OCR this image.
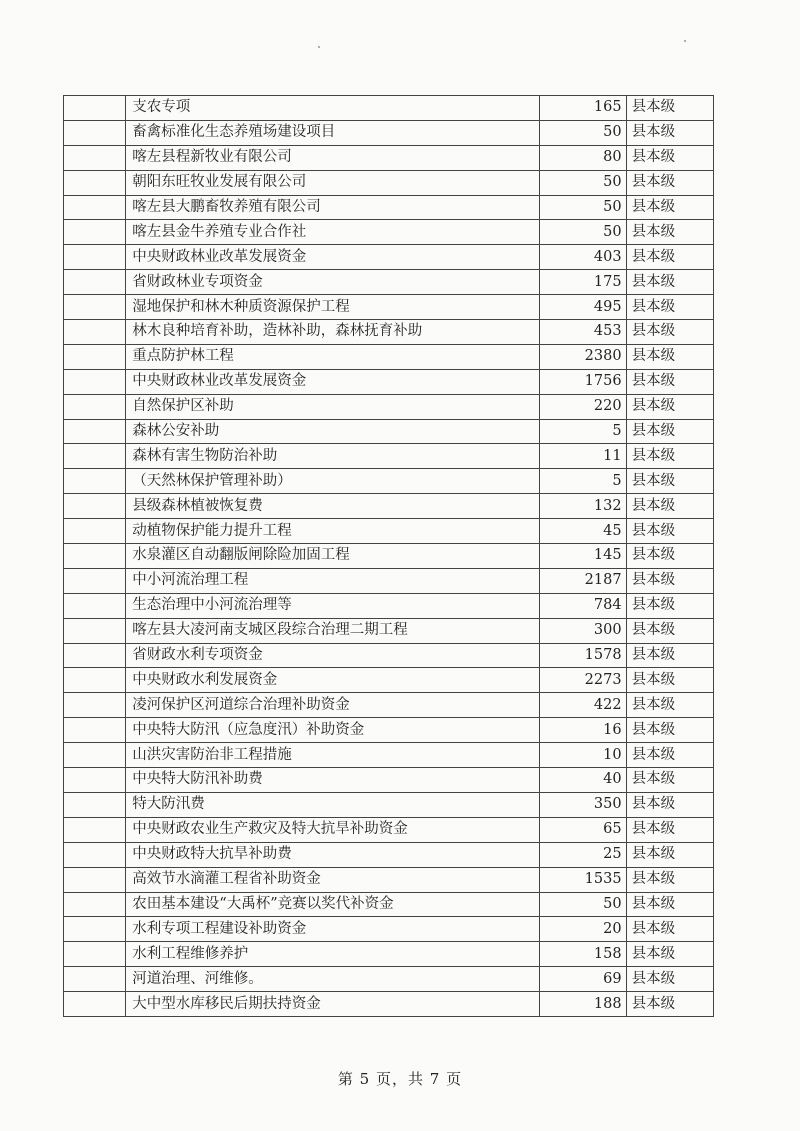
	支农专项	165	县本级
	畜禽标准化生态养殖场建设项目	50	县本级
	喀左县程新牧业有限公司	80	县本级
	朝阳东旺牧业发展有限公司	50	县本级
	喀左县大鹏畜牧养殖有限公司	50	县本级
	喀左县金牛养殖专业合作社	50	县本级
	中央财政林业改革发展资金	403	县本级
	省财政林业专项资金	175	县本级
	湿地保护和林木种质资源保护工程	495	县本级
	林木良种培育补助，造林补助，森林抚育补助	453	县本级
	重点防护林工程	2380	县本级
	中央财政林业改革发展资金	1756	县本级
	自然保护区补助	220	县本级
	森林公安补助	5	县本级
	森林有害生物防治补助	11	县本级
	（天然林保护管理补助）	5	县本级
	县级森林植被恢复费	132	县本级
	动植物保护能力提升工程	45	县本级
	水泉灌区自动翻版闸除险加固工程	145	县本级
	中小河流治理工程	2187	县本级
	生态治理中小河流治理等	784	县本级
	喀左县大凌河南支城区段综合治理二期工程	300	县本级
	省财政水利专项资金	1578	县本级
	中央财政水利发展资金	2273	县本级
	凌河保护区河道综合治理补助资金	422	县本级
	中央特大防汛（应急度汛）补助资金	16	县本级
	山洪灾害防治非工程措施	10	县本级
	中央特大防汛补助费	40	县本级
	特大防汛费	350	县本级
	中央财政农业生产救灾及特大抗旱补助资金	65	县本级
	中央财政特大抗旱补助费	25	县本级
	高效节水滴灌工程省补助资金	1535	县本级
	农田基本建设“大禹杯”竞赛以奖代补资金	50	县本级
	水利专项工程建设补助资金	20	县本级
	水利工程维修养护	158	县本级
	河道治理、河维修。	69	县本级
	大中型水库移民后期扶持资金	188	县本级
第 5 页，共 7 页
